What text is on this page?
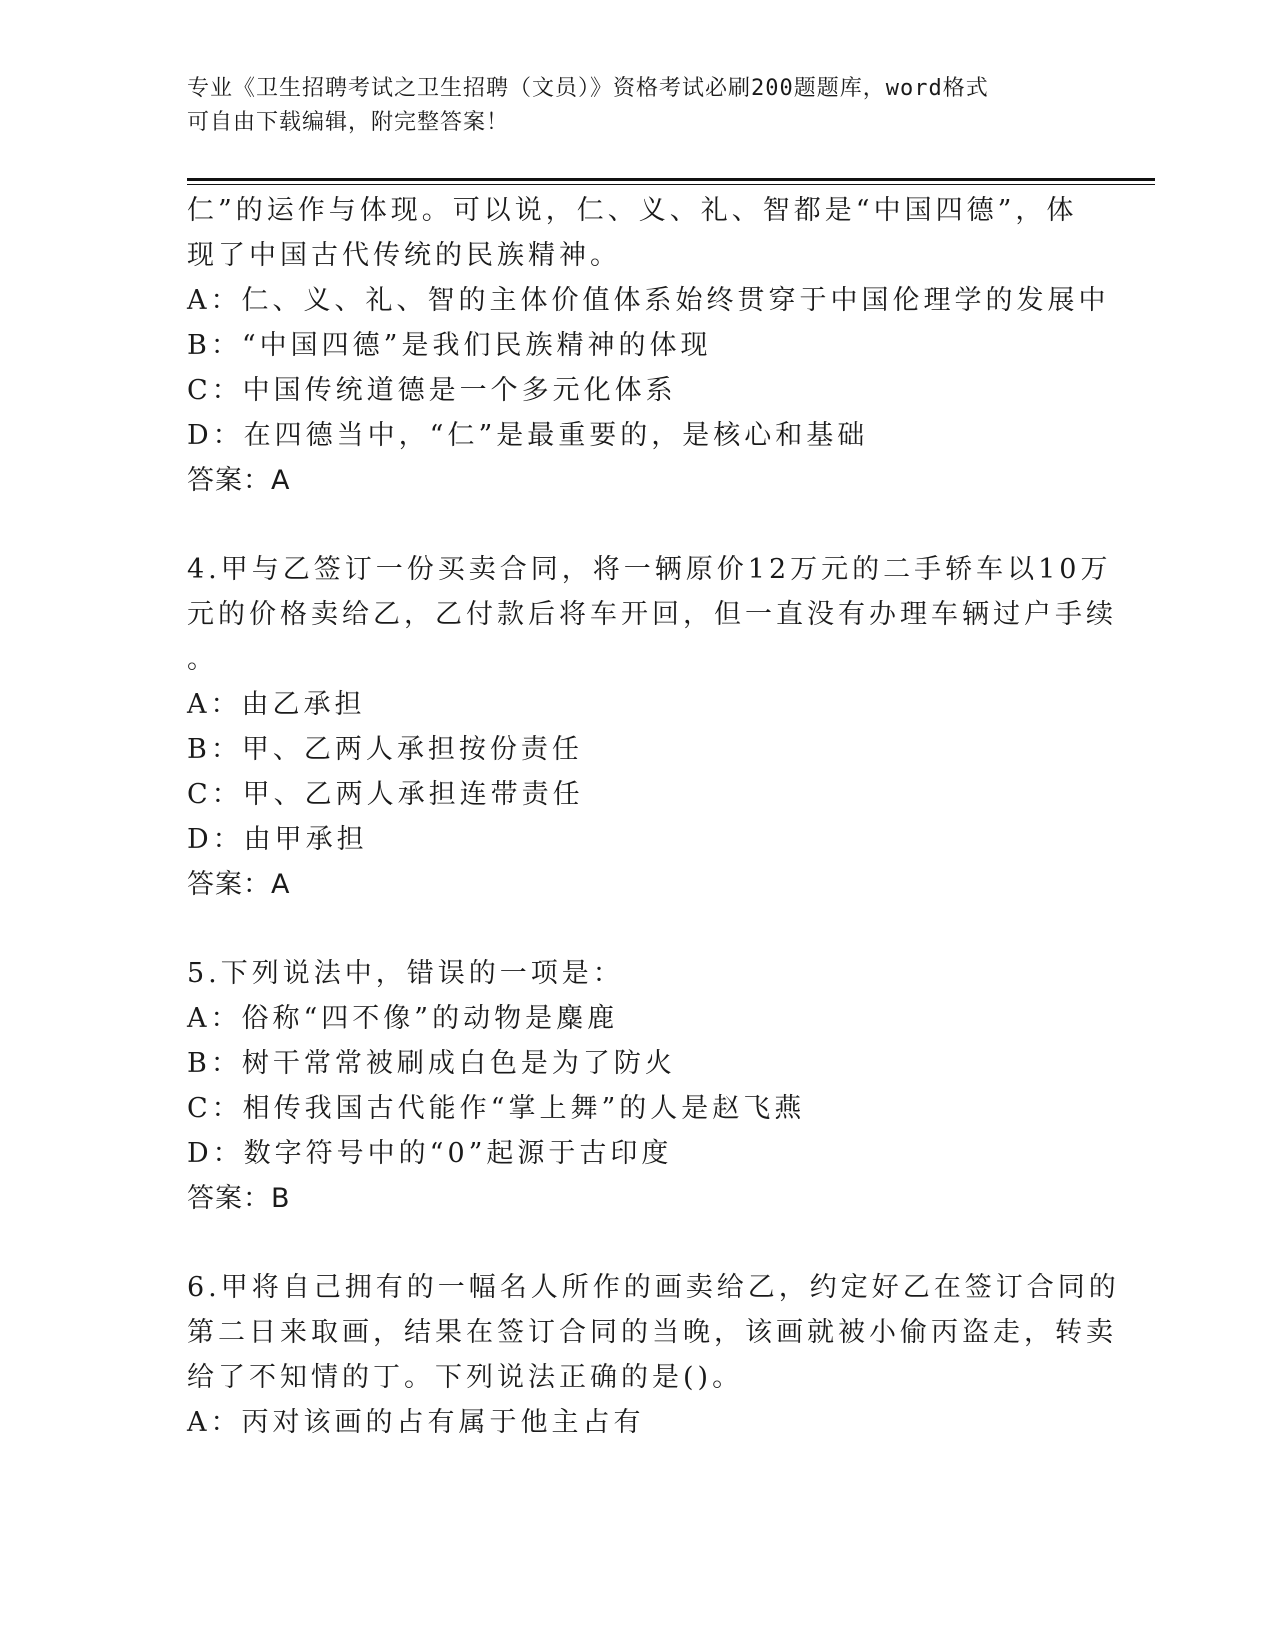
专业《卫生招聘考试之卫生招聘（文员）》资格考试必刷200题题库，word格式
可自由下载编辑，附完整答案！
仁”的运作与体现。可以说，仁、义、礼、智都是“中国四德”，体
现了中国古代传统的民族精神。
A：仁、义、礼、智的主体价值体系始终贯穿于中国伦理学的发展中
B：“中国四德”是我们民族精神的体现
C：中国传统道德是一个多元化体系
D：在四德当中，“仁”是最重要的，是核心和基础
答案：A
4.甲与乙签订一份买卖合同，将一辆原价12万元的二手轿车以10万
元的价格卖给乙，乙付款后将车开回，但一直没有办理车辆过户手续
。
A：由乙承担
B：甲、乙两人承担按份责任
C：甲、乙两人承担连带责任
D：由甲承担
答案：A
5.下列说法中，错误的一项是：
A：俗称“四不像”的动物是麋鹿
B：树干常常被刷成白色是为了防火
C：相传我国古代能作“掌上舞”的人是赵飞燕
D：数字符号中的“0”起源于古印度
答案：B
6.甲将自己拥有的一幅名人所作的画卖给乙，约定好乙在签订合同的
第二日来取画，结果在签订合同的当晚，该画就被小偷丙盗走，转卖
给了不知情的丁。下列说法正确的是()。
A：丙对该画的占有属于他主占有
